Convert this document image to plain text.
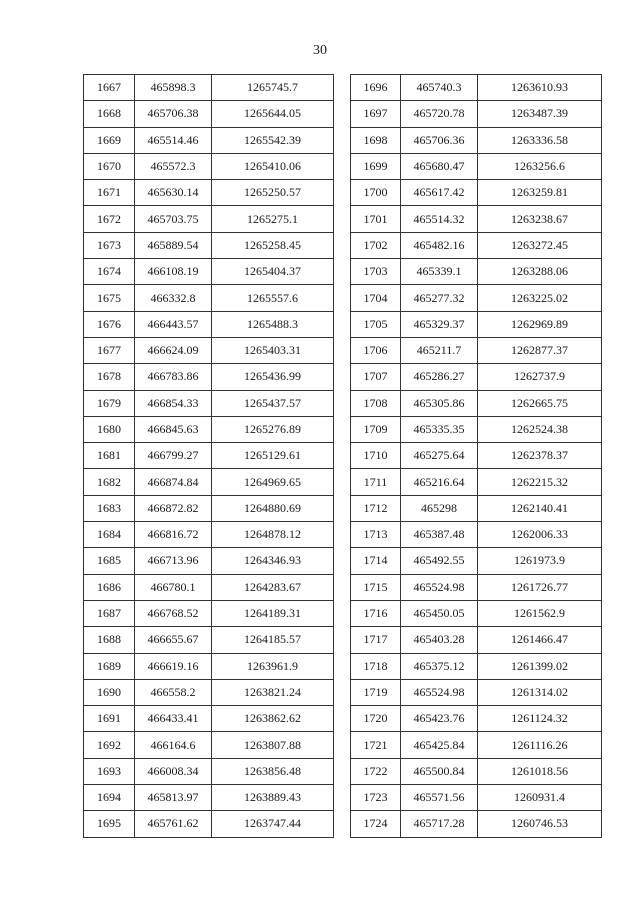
30
1667	465898.3	1265745.7
1668	465706.38	1265644.05
1669	465514.46	1265542.39
1670	465572.3	1265410.06
1671	465630.14	1265250.57
1672	465703.75	1265275.1
1673	465889.54	1265258.45
1674	466108.19	1265404.37
1675	466332.8	1265557.6
1676	466443.57	1265488.3
1677	466624.09	1265403.31
1678	466783.86	1265436.99
1679	466854.33	1265437.57
1680	466845.63	1265276.89
1681	466799.27	1265129.61
1682	466874.84	1264969.65
1683	466872.82	1264880.69
1684	466816.72	1264878.12
1685	466713.96	1264346.93
1686	466780.1	1264283.67
1687	466768.52	1264189.31
1688	466655.67	1264185.57
1689	466619.16	1263961.9
1690	466558.2	1263821.24
1691	466433.41	1263862.62
1692	466164.6	1263807.88
1693	466008.34	1263856.48
1694	465813.97	1263889.43
1695	465761.62	1263747.44
1696	465740.3	1263610.93
1697	465720.78	1263487.39
1698	465706.36	1263336.58
1699	465680.47	1263256.6
1700	465617.42	1263259.81
1701	465514.32	1263238.67
1702	465482.16	1263272.45
1703	465339.1	1263288.06
1704	465277.32	1263225.02
1705	465329.37	1262969.89
1706	465211.7	1262877.37
1707	465286.27	1262737.9
1708	465305.86	1262665.75
1709	465335.35	1262524.38
1710	465275.64	1262378.37
1711	465216.64	1262215.32
1712	465298	1262140.41
1713	465387.48	1262006.33
1714	465492.55	1261973.9
1715	465524.98	1261726.77
1716	465450.05	1261562.9
1717	465403.28	1261466.47
1718	465375.12	1261399.02
1719	465524.98	1261314.02
1720	465423.76	1261124.32
1721	465425.84	1261116.26
1722	465500.84	1261018.56
1723	465571.56	1260931.4
1724	465717.28	1260746.53
